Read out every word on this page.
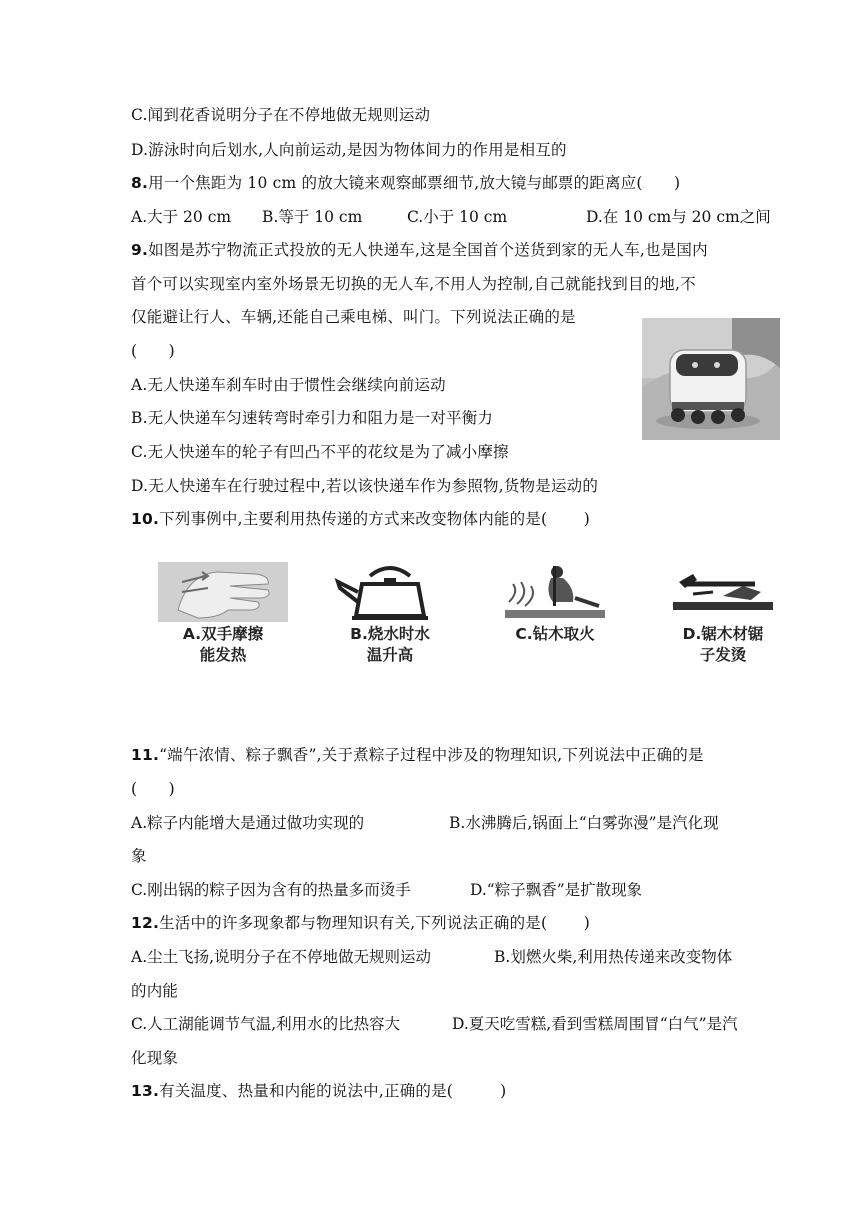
C.闻到花香说明分子在不停地做无规则运动
D.游泳时向后划水,人向前运动,是因为物体间力的作用是相互的
8.用一个焦距为 10 cm 的放大镜来观察邮票细节,放大镜与邮票的距离应(　　)
A.大于 20 cm B.等于 10 cm	C.小于 10 cm	D.在 10 cm与 20 cm之间
9.如图是苏宁物流正式投放的无人快递车,这是全国首个送货到家的无人车,也是国内
首个可以实现室内室外场景无切换的无人车,不用人为控制,自己就能找到目的地,不
仅能避让行人、车辆,还能自己乘电梯、叫门。下列说法正确的是
(　　)
A.无人快递车刹车时由于惯性会继续向前运动
B.无人快递车匀速转弯时牵引力和阻力是一对平衡力
C.无人快递车的轮子有凹凸不平的花纹是为了减小摩擦
D.无人快递车在行驶过程中,若以该快递车作为参照物,货物是运动的
10.下列事例中,主要利用热传递的方式来改变物体内能的是(　　 )
A.双手摩擦
能发热
B.烧水时水
温升高
C.钻木取火	D.锯木材锯
子发烫
11.“端午浓情、粽子飘香”,关于煮粽子过程中涉及的物理知识,下列说法中正确的是
(　　)
A.粽子内能增大是通过做功实现的	B.水沸腾后,锅面上“白雾弥漫”是汽化现
象
C.刚出锅的粽子因为含有的热量多而烫手	D.“粽子飘香”是扩散现象
12.生活中的许多现象都与物理知识有关,下列说法正确的是(　　 )
A.尘土飞扬,说明分子在不停地做无规则运动	B.划燃火柴,利用热传递来改变物体
的内能
C.人工湖能调节气温,利用水的比热容大	D.夏天吃雪糕,看到雪糕周围冒“白气”是汽
化现象
13.有关温度、热量和内能的说法中,正确的是(　　　)
